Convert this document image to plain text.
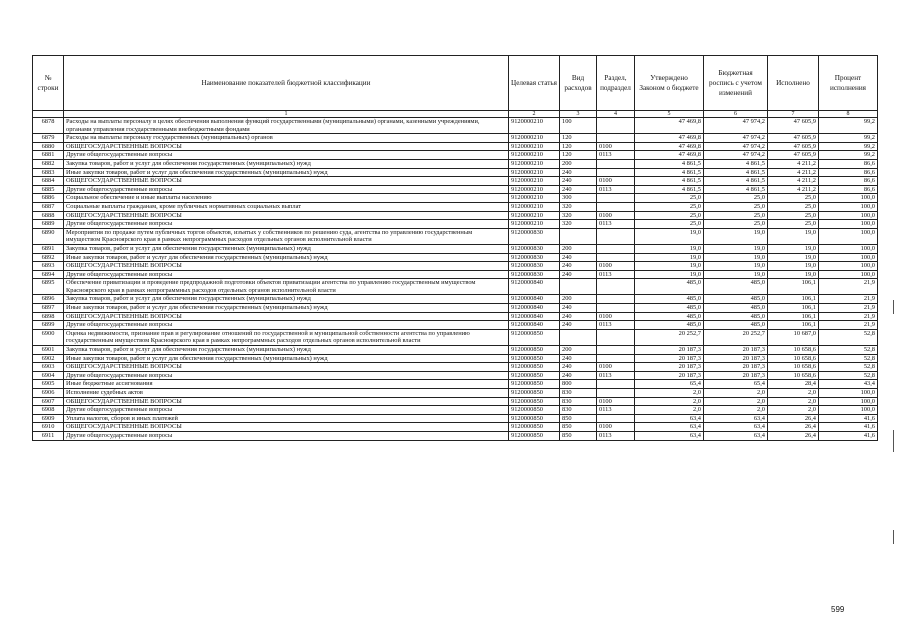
№ строки	Наименование показателей бюджетной классификации	Целевая статья	Вид расходов	Раздел, подраздел	Утверждено Законом о бюджете	Бюджетная роспись с учетом изменений	Исполнено	Процент исполнения
	1	2	3	4	5	6	7	8
6878	Расходы на выплаты персоналу в целях обеспечения выполнения функций государственными (муниципальными) органами, казенными учреждениями, органами управления государственными внебюджетными фондами	9120000210	100		47 469,8	47 974,2	47 605,9	99,2
6879	Расходы на выплаты персоналу государственных (муниципальных) органов	9120000210	120		47 469,8	47 974,2	47 605,9	99,2
6880	ОБЩЕГОСУДАРСТВЕННЫЕ ВОПРОСЫ	9120000210	120	0100	47 469,8	47 974,2	47 605,9	99,2
6881	Другие общегосударственные вопросы	9120000210	120	0113	47 469,8	47 974,2	47 605,9	99,2
6882	Закупка товаров, работ и услуг для обеспечения государственных (муниципальных) нужд	9120000210	200		4 861,5	4 861,5	4 211,2	86,6
6883	Иные закупки товаров, работ и услуг для обеспечения государственных (муниципальных) нужд	9120000210	240		4 861,5	4 861,5	4 211,2	86,6
6884	ОБЩЕГОСУДАРСТВЕННЫЕ ВОПРОСЫ	9120000210	240	0100	4 861,5	4 861,5	4 211,2	86,6
6885	Другие общегосударственные вопросы	9120000210	240	0113	4 861,5	4 861,5	4 211,2	86,6
6886	Социальное обеспечение и иные выплаты населению	9120000210	300		25,0	25,0	25,0	100,0
6887	Социальные выплаты гражданам, кроме публичных нормативных социальных выплат	9120000210	320		25,0	25,0	25,0	100,0
6888	ОБЩЕГОСУДАРСТВЕННЫЕ ВОПРОСЫ	9120000210	320	0100	25,0	25,0	25,0	100,0
6889	Другие общегосударственные вопросы	9120000210	320	0113	25,0	25,0	25,0	100,0
6890	Мероприятия по продаже путем публичных торгов объектов, изъятых у собственников по решению суда, агентства по управлению государственным имуществом Красноярского края в рамках непрограммных расходов отдельных органов исполнительной власти	9120000830			19,0	19,0	19,0	100,0
6891	Закупка товаров, работ и услуг для обеспечения государственных (муниципальных) нужд	9120000830	200		19,0	19,0	19,0	100,0
6892	Иные закупки товаров, работ и услуг для обеспечения государственных (муниципальных) нужд	9120000830	240		19,0	19,0	19,0	100,0
6893	ОБЩЕГОСУДАРСТВЕННЫЕ ВОПРОСЫ	9120000830	240	0100	19,0	19,0	19,0	100,0
6894	Другие общегосударственные вопросы	9120000830	240	0113	19,0	19,0	19,0	100,0
6895	Обеспечение приватизации и проведение предпродажной подготовки объектов приватизации агентства по управлению государственным имуществом Красноярского края в рамках непрограммных расходов отдельных органов исполнительной власти	9120000840			485,0	485,0	106,1	21,9
6896	Закупка товаров, работ и услуг для обеспечения государственных (муниципальных) нужд	9120000840	200		485,0	485,0	106,1	21,9
6897	Иные закупки товаров, работ и услуг для обеспечения государственных (муниципальных) нужд	9120000840	240		485,0	485,0	106,1	21,9
6898	ОБЩЕГОСУДАРСТВЕННЫЕ ВОПРОСЫ	9120000840	240	0100	485,0	485,0	106,1	21,9
6899	Другие общегосударственные вопросы	9120000840	240	0113	485,0	485,0	106,1	21,9
6900	Оценка недвижимости, признание прав и регулирование отношений по государственной и муниципальной собственности агентства по управлению государственным имуществом Красноярского края в рамках непрограммных расходов отдельных органов исполнительной власти	9120000850			20 252,7	20 252,7	10 687,0	52,8
6901	Закупка товаров, работ и услуг для обеспечения государственных (муниципальных) нужд	9120000850	200		20 187,3	20 187,3	10 658,6	52,8
6902	Иные закупки товаров, работ и услуг для обеспечения государственных (муниципальных) нужд	9120000850	240		20 187,3	20 187,3	10 658,6	52,8
6903	ОБЩЕГОСУДАРСТВЕННЫЕ ВОПРОСЫ	9120000850	240	0100	20 187,3	20 187,3	10 658,6	52,8
6904	Другие общегосударственные вопросы	9120000850	240	0113	20 187,3	20 187,3	10 658,6	52,8
6905	Иные бюджетные ассигнования	9120000850	800		65,4	65,4	28,4	43,4
6906	Исполнение судебных актов	9120000850	830		2,0	2,0	2,0	100,0
6907	ОБЩЕГОСУДАРСТВЕННЫЕ ВОПРОСЫ	9120000850	830	0100	2,0	2,0	2,0	100,0
6908	Другие общегосударственные вопросы	9120000850	830	0113	2,0	2,0	2,0	100,0
6909	Уплата налогов, сборов и иных платежей	9120000850	850		63,4	63,4	26,4	41,6
6910	ОБЩЕГОСУДАРСТВЕННЫЕ ВОПРОСЫ	9120000850	850	0100	63,4	63,4	26,4	41,6
6911	Другие общегосударственные вопросы	9120000850	850	0113	63,4	63,4	26,4	41,6
599
